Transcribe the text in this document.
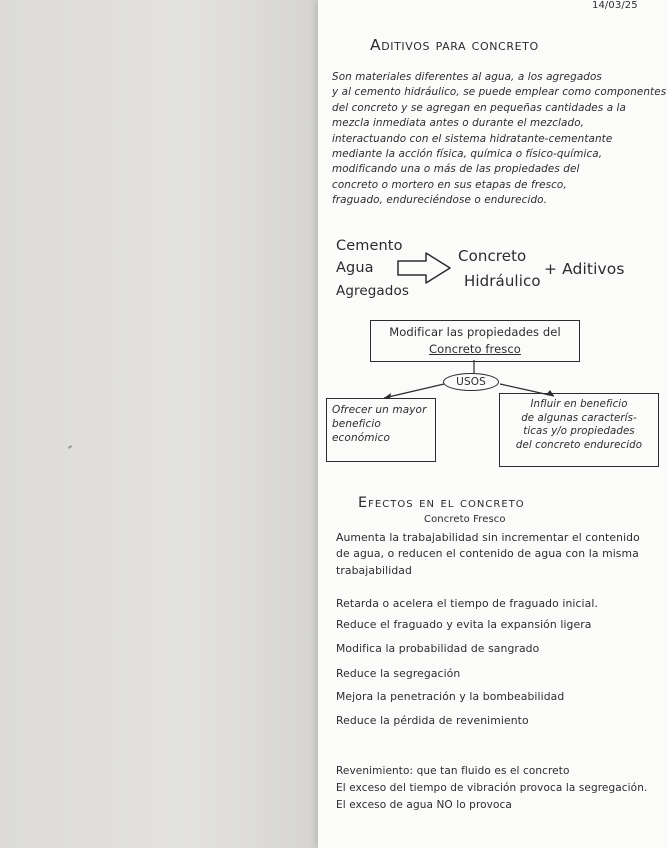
14/03/25
Aditivos para concreto
Son materiales diferentes al agua, a los agregados
y al cemento hidráulico, se puede emplear como componentes
del concreto y se agregan en pequeñas cantidades a la
mezcla inmediata antes o durante el mezclado,
interactuando con el sistema hidratante-cementante
mediante la acción física, química o físico-química,
modificando una o más de las propiedades del
concreto o mortero en sus etapas de fresco,
fraguado, endureciéndose o endurecido.
Cemento
Agua
Agregados
Concreto
Hidráulico
+ Aditivos
Modificar las propiedades del
Concreto fresco
USOS
Ofrecer un mayor
beneficio
económico
Influir en beneficio
de algunas caracterís-
ticas y/o propiedades
del concreto endurecido
Efectos en el concreto
Concreto Fresco
Aumenta la trabajabilidad sin incrementar el contenido
de agua, o reducen el contenido de agua con la misma
trabajabilidad
Retarda o acelera el tiempo de fraguado inicial.
Reduce el fraguado y evita la expansión ligera
Modifica la probabilidad de sangrado
Reduce la segregación
Mejora la penetración y la bombeabilidad
Reduce la pérdida de revenimiento
Revenimiento: que tan fluido es el concreto
El exceso del tiempo de vibración provoca la segregación.
El exceso de agua NO lo provoca
